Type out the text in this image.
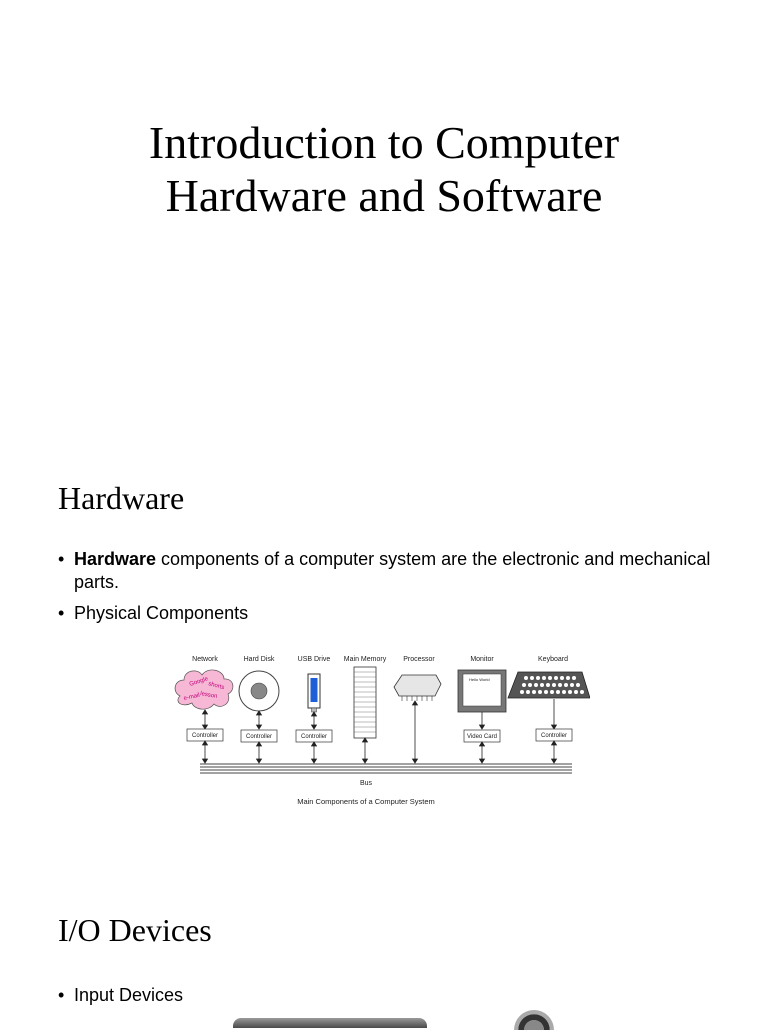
Introduction to Computer
Hardware and Software
Hardware
• Hardware components of a computer system are the electronic and mechanical parts.
• Physical Components
Network	Hard Disk	USB Drive Main Memory Processor	Monitor	Keyboard
Google
shorts
lesson
e-mail
Hello World
Controller	Controller	Controller	Video Card	Controller
Bus
Main Components of a Computer System
I/O Devices
• Input Devices
